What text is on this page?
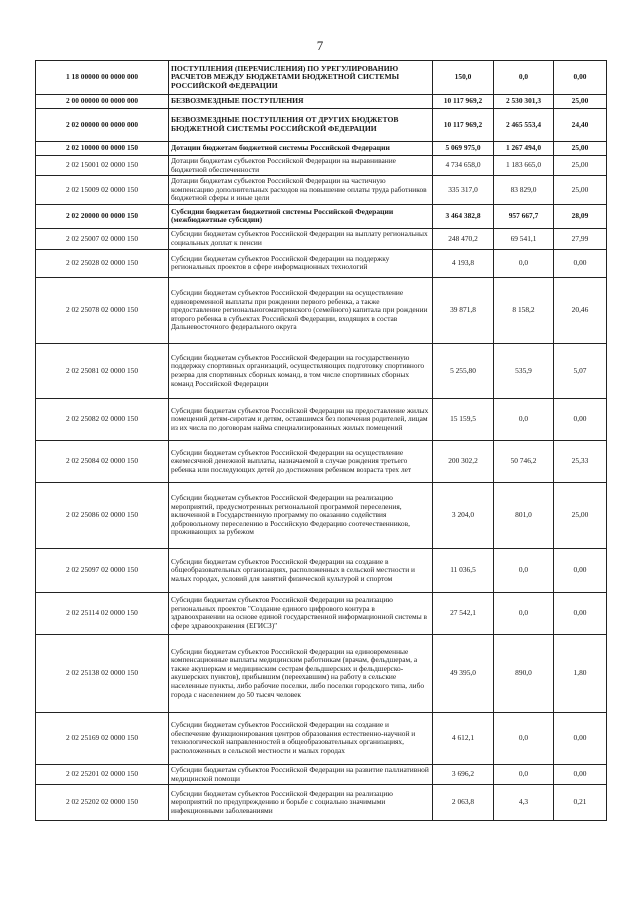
7
1 18 00000 00 0000 000	ПОСТУПЛЕНИЯ (ПЕРЕЧИСЛЕНИЯ) ПО УРЕГУЛИРОВАНИЮ РАСЧЕТОВ МЕЖДУ БЮДЖЕТАМИ БЮДЖЕТНОЙ СИСТЕМЫ РОССИЙСКОЙ ФЕДЕРАЦИИ	150,0	0,0	0,00
2 00 00000 00 0000 000	БЕЗВОЗМЕЗДНЫЕ ПОСТУПЛЕНИЯ	10 117 969,2	2 530 301,3	25,00
2 02 00000 00 0000 000	БЕЗВОЗМЕЗДНЫЕ ПОСТУПЛЕНИЯ ОТ ДРУГИХ БЮДЖЕТОВ БЮДЖЕТНОЙ СИСТЕМЫ РОССИЙСКОЙ ФЕДЕРАЦИИ	10 117 969,2	2 465 553,4	24,40
2 02 10000 00 0000 150	Дотации бюджетам бюджетной системы Российской Федерации	5 069 975,0	1 267 494,0	25,00
2 02 15001 02 0000 150	Дотации бюджетам субъектов Российской Федерации на выравнивание бюджетной обеспеченности	4 734 658,0	1 183 665,0	25,00
2 02 15009 02 0000 150	Дотации бюджетам субъектов Российской Федерации на частичную компенсацию дополнительных расходов на повышение оплаты труда работников бюджетной сферы и иные цели	335 317,0	83 829,0	25,00
2 02 20000 00 0000 150	Субсидии бюджетам бюджетной системы Российской Федерации (межбюджетные субсидии)	3 464 382,8	957 667,7	28,09
2 02 25007 02 0000 150	Субсидии бюджетам субъектов Российской Федерации на выплату региональных социальных доплат к пенсии	248 470,2	69 541,1	27,99
2 02 25028 02 0000 150	Субсидии бюджетам субъектов Российской Федерации на поддержку региональных проектов в сфере информационных технологий	4 193,8	0,0	0,00
2 02 25078 02 0000 150	Субсидии бюджетам субъектов Российской Федерации на осуществление единовременной выплаты при рождении первого ребенка, а также предоставление региональногоматеринского (семейного) капитала при рождении второго ребенка в субъектах Российской Федерации, входящих в состав Дальневосточного федерального округа	39 871,8	8 158,2	20,46
2 02 25081 02 0000 150	Субсидии бюджетам субъектов Российской Федерации на государственную поддержку спортивных организаций, осуществляющих подготовку спортивного резерва для спортивных сборных команд, в том числе спортивных сборных команд Российской Федерации	5 255,80	535,9	5,07
2 02 25082 02 0000 150	Субсидии бюджетам субъектов Российской Федерации на предоставление жилых помещений детям-сиротам и детям, оставшимся без попечения родителей, лицам из их числа по договорам найма специализированных жилых помещений	15 159,5	0,0	0,00
2 02 25084 02 0000 150	Субсидии бюджетам субъектов Российской Федерации на осуществление ежемесячной денежной выплаты, назначаемой в случае рождения третьего ребенка или последующих детей до достижения ребенком возраста трех лет	200 302,2	50 746,2	25,33
2 02 25086 02 0000 150	Субсидии бюджетам субъектов Российской Федерации на реализацию мероприятий, предусмотренных региональной программой переселения, включенной в Государственную программу по оказанию содействия добровольному переселению в Российскую Федерацию соотечественников, проживающих за рубежом	3 204,0	801,0	25,00
2 02 25097 02 0000 150	Субсидии бюджетам субъектов Российской Федерации на создание в общеобразовательных организациях, расположенных в сельской местности и малых городах, условий для занятий физической культурой и спортом	11 036,5	0,0	0,00
2 02 25114 02 0000 150	Субсидии бюджетам субъектов Российской Федерации на реализацию региональных проектов "Создание единого цифрового контура в здравоохранении на основе единой государственной информационной системы в сфере здравоохранения (ЕГИСЗ)"	27 542,1	0,0	0,00
2 02 25138 02 0000 150	Субсидии бюджетам субъектов Российской Федерации на единовременные компенсационные выплаты медицинским работникам (врачам, фельдшерам, а также акушеркам и медицинским сестрам фельдшерских и фельдшерско-акушерских пунктов), прибывшим (переехавшим) на работу в сельские населенные пункты, либо рабочие поселки, либо поселки городского типа, либо города с населением до 50 тысяч человек	49 395,0	890,0	1,80
2 02 25169 02 0000 150	Субсидии бюджетам субъектов Российской Федерации на создание и обеспечение функционирования центров образования естественно-научной и технологической направленностей в общеобразовательных организациях, расположенных в сельской местности и малых городах	4 612,1	0,0	0,00
2 02 25201 02 0000 150	Субсидии бюджетам субъектов Российской Федерации на развитие паллиативной медицинской помощи	3 696,2	0,0	0,00
2 02 25202 02 0000 150	Субсидии бюджетам субъектов Российской Федерации на реализацию мероприятий по предупреждению и борьбе с социально значимыми инфекционными заболеваниями	2 063,8	4,3	0,21
